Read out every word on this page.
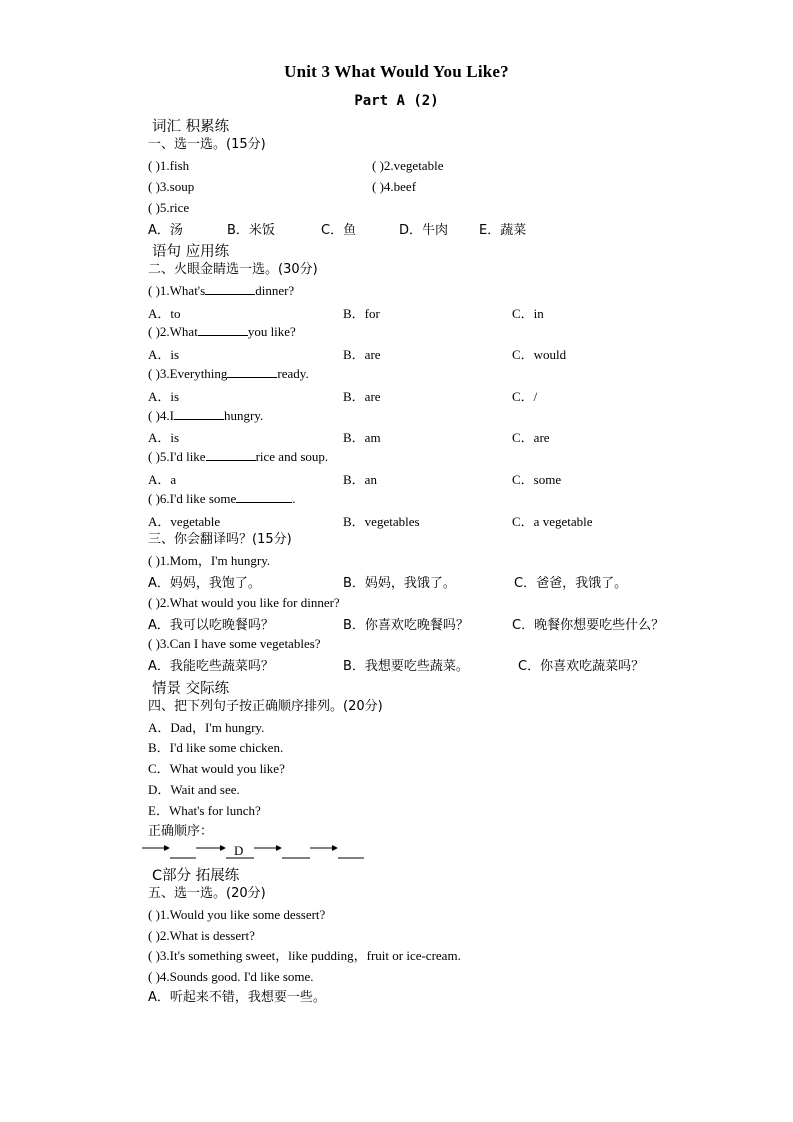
Unit 3 What Would You Like?
Part A (2)
词汇 积累练
一、选一选。(15分)
( )1.fish	( )2.vegetable
( )3.soup	( )4.beef
( )5.rice
A．汤	B．米饭	C．鱼	D．牛肉 E．蔬菜
语句 应用练
二、火眼金睛选一选。(30分)
( )1.What's	dinner?
A．to	B．for	C．in
( )2.What	you like?
A．is	B．are	C．would
( )3.Everything	ready.
A．is	B．are	C．/
( )4.I	hungry.
A．is	B．am	C．are
( )5.I'd like	rice and soup.
A．a	B．an	C．some
( )6.I'd like some	.
A．vegetable	B．vegetables	C．a vegetable
三、你会翻译吗？(15分)
( )1.Mom，I'm hungry.
A．妈妈，我饱了。	B．妈妈，我饿了。	C．爸爸，我饿了。
( )2.What would you like for dinner?
A．我可以吃晚餐吗？	B．你喜欢吃晚餐吗？	C．晚餐你想要吃些什么？
( )3.Can I have some vegetables?
A．我能吃些蔬菜吗？	B．我想要吃些蔬菜。	C．你喜欢吃蔬菜吗？
情景 交际练
四、把下列句子按正确顺序排列。(20分)
A．Dad，I'm hungry.
B．I'd like some chicken.
C．What would you like?
D．Wait and see.
E．What's for lunch?
正确顺序：
D
C部分 拓展练
五、选一选。(20分)
( )1.Would you like some dessert?
( )2.What is dessert?
( )3.It's something sweet，like pudding，fruit or ice-cream.
( )4.Sounds good. I'd like some.
A．听起来不错，我想要一些。
